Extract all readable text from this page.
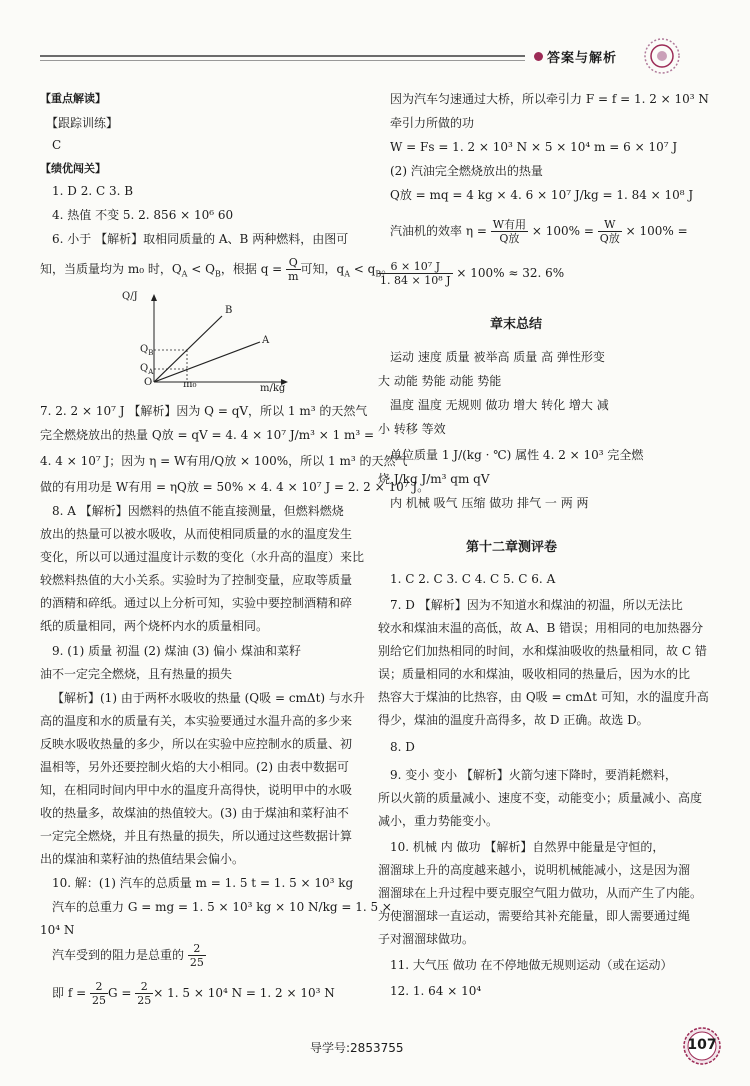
答案与解析
【重点解读】
【跟踪训练】
C
【绩优闯关】
1. D 2. C 3. B
4. 热值 不变 5. 2. 856 × 10⁶ 60
6. 小于 【解析】取相同质量的 A、B 两种燃料，由图可
知，当质量均为 m₀ 时，$Q_A < Q_B$，根据 $q = \frac{Q}{m}$ 可知，$q_A < q_B$。
Q/J
B
A
$Q_B$
$Q_A$
O	m₀	m/kg
7. 2. 2 × 10⁷ J 【解析】因为 Q = qV，所以 1 m³ 的天然气
完全燃烧放出的热量 Q放 = qV = 4. 4 × 10⁷ J/m³ × 1 m³ =
4. 4 × 10⁷ J；因为 η = W有用/Q放 × 100%，所以 1 m³ 的天然气
做的有用功是 W有用 = ηQ放 = 50% × 4. 4 × 10⁷ J = 2. 2 × 10⁷ J。
8. A 【解析】因燃料的热值不能直接测量，但燃料燃烧
放出的热量可以被水吸收，从而使相同质量的水的温度发生
变化，所以可以通过温度计示数的变化（水升高的温度）来比
较燃料热值的大小关系。实验时为了控制变量，应取等质量
的酒精和碎纸。通过以上分析可知，实验中要控制酒精和碎
纸的质量相同，两个烧杯内水的质量相同。
9. (1) 质量 初温 (2) 煤油 (3) 偏小 煤油和菜籽
油不一定完全燃烧，且有热量的损失
【解析】(1) 由于两杯水吸收的热量 (Q吸 = cmΔt) 与水升
高的温度和水的质量有关，本实验要通过水温升高的多少来
反映水吸收热量的多少，所以在实验中应控制水的质量、初
温相等，另外还要控制火焰的大小相同。(2) 由表中数据可
知，在相同时间内甲中水的温度升高得快，说明甲中的水吸
收的热量多，故煤油的热值较大。(3) 由于煤油和菜籽油不
一定完全燃烧，并且有热量的损失，所以通过这些数据计算
出的煤油和菜籽油的热值结果会偏小。
10. 解：(1) 汽车的总质量 m = 1. 5 t = 1. 5 × 10³ kg
汽车的总重力 G = mg = 1. 5 × 10³ kg × 10 N/kg = 1. 5 ×
10⁴ N
汽车受到的阻力是总重的 $\frac{2}{25}$
即 $f = \frac{2}{25}$ $G = \frac{2}{25} \times 1$. 5 × 10⁴ N = 1. 2 × 10³ N
因为汽车匀速通过大桥，所以牵引力 F = f = 1. 2 × 10³ N
牵引力所做的功
W = Fs = 1. 2 × 10³ N × 5 × 10⁴ m = 6 × 10⁷ J
(2) 汽油完全燃烧放出的热量
Q放 = mq = 4 kg × 4. 6 × 10⁷ J/kg = 1. 84 × 10⁸ J
汽油机的效率 $\eta = \frac{\text{W有用}}{\text{Q放}} \times 100\% = \frac{W}{\text{Q放}} \times 100\%$ =
$\frac{\text{6 × 10⁷ J}}{\text{1. 84 × 10⁸ J}} \times 100\% \approx 32$. 6%
章末总结
运动 速度 质量 被举高 质量 高 弹性形变
大 动能 势能 动能 势能
温度 温度 无规则 做功 增大 转化 增大 减
小 转移 等效
单位质量 1 J/(kg · ℃) 属性 4. 2 × 10³ 完全燃
烧 J/kg J/m³ qm qV
内 机械 吸气 压缩 做功 排气 一 两 两
第十二章测评卷
1. C 2. C 3. C 4. C 5. C 6. A
7. D 【解析】因为不知道水和煤油的初温，所以无法比
较水和煤油末温的高低，故 A、B 错误；用相同的电加热器分
别给它们加热相同的时间，水和煤油吸收的热量相同，故 C 错
误；质量相同的水和煤油，吸收相同的热量后，因为水的比
热容大于煤油的比热容，由 Q吸 = cmΔt 可知，水的温度升高
得少，煤油的温度升高得多，故 D 正确。故选 D。
8. D
9. 变小 变小 【解析】火箭匀速下降时，要消耗燃料，
所以火箭的质量减小、速度不变，动能变小；质量减小、高度
减小，重力势能变小。
10. 机械 内 做功 【解析】自然界中能量是守恒的，
溜溜球上升的高度越来越小，说明机械能减小，这是因为溜
溜溜球在上升过程中要克服空气阻力做功，从而产生了内能。
为使溜溜球一直运动，需要给其补充能量，即人需要通过绳
子对溜溜球做功。
11. 大气压 做功 在不停地做无规则运动（或在运动）
12. 1. 64 × 10⁴
导学号:2853755	107
